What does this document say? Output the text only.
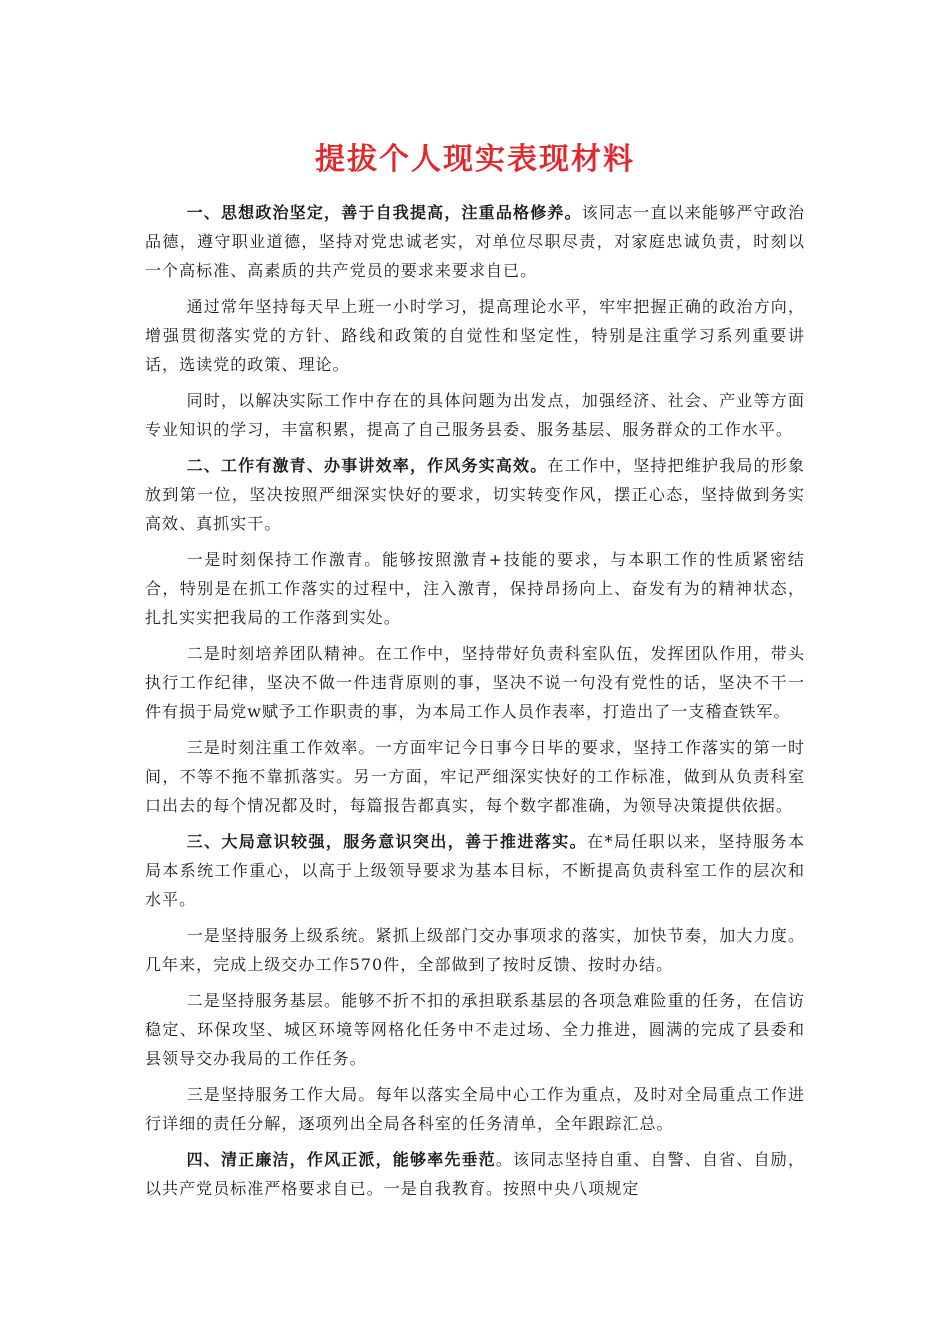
提拔个人现实表现材料

一、思想政治坚定，善于自我提高，注重品格修养。该同志一直以来能够严守政治品德，遵守职业道德，坚持对党忠诚老实，对单位尽职尽责，对家庭忠诚负责，时刻以一个高标准、高素质的共产党员的要求来要求自已。

通过常年坚持每天早上班一小时学习，提高理论水平，牢牢把握正确的政治方向，增强贯彻落实党的方针、路线和政策的自觉性和坚定性，特别是注重学习系列重要讲话，选读党的政策、理论。

同时，以解决实际工作中存在的具体问题为出发点，加强经济、社会、产业等方面专业知识的学习，丰富积累，提高了自己服务县委、服务基层、服务群众的工作水平。

二、工作有激青、办事讲效率，作风务实高效。在工作中，坚持把维护我局的形象放到第一位，坚决按照严细深实快好的要求，切实转变作风，摆正心态，坚持做到务实高效、真抓实干。

一是时刻保持工作激青。能够按照激青+技能的要求，与本职工作的性质紧密结合，特别是在抓工作落实的过程中，注入激青，保持昂扬向上、奋发有为的精神状态，扎扎实实把我局的工作落到实处。

二是时刻培养团队精神。在工作中，坚持带好负责科室队伍，发挥团队作用，带头执行工作纪律，坚决不做一件违背原则的事，坚决不说一句没有党性的话，坚决不干一件有损于局党w赋予工作职责的事，为本局工作人员作表率，打造出了一支稽查铁军。

三是时刻注重工作效率。一方面牢记今日事今日毕的要求，坚持工作落实的第一时间，不等不拖不靠抓落实。另一方面，牢记严细深实快好的工作标准，做到从负责科室口出去的每个情况都及时，每篇报告都真实，每个数字都准确，为领导决策提供依据。

三、大局意识较强，服务意识突出，善于推进落实。在*局任职以来，坚持服务本局本系统工作重心，以高于上级领导要求为基本目标，不断提高负责科室工作的层次和水平。

一是坚持服务上级系统。紧抓上级部门交办事项求的落实，加快节奏，加大力度。几年来，完成上级交办工作570件，全部做到了按时反馈、按时办结。

二是坚持服务基层。能够不折不扣的承担联系基层的各项急难险重的任务，在信访稳定、环保攻坚、城区环境等网格化任务中不走过场、全力推进，圆满的完成了县委和县领导交办我局的工作任务。

三是坚持服务工作大局。每年以落实全局中心工作为重点，及时对全局重点工作进行详细的责任分解，逐项列出全局各科室的任务清单，全年跟踪汇总。

四、清正廉洁，作风正派，能够率先垂范。该同志坚持自重、自警、自省、自励，以共产党员标准严格要求自已。一是自我教育。按照中央八项规定
